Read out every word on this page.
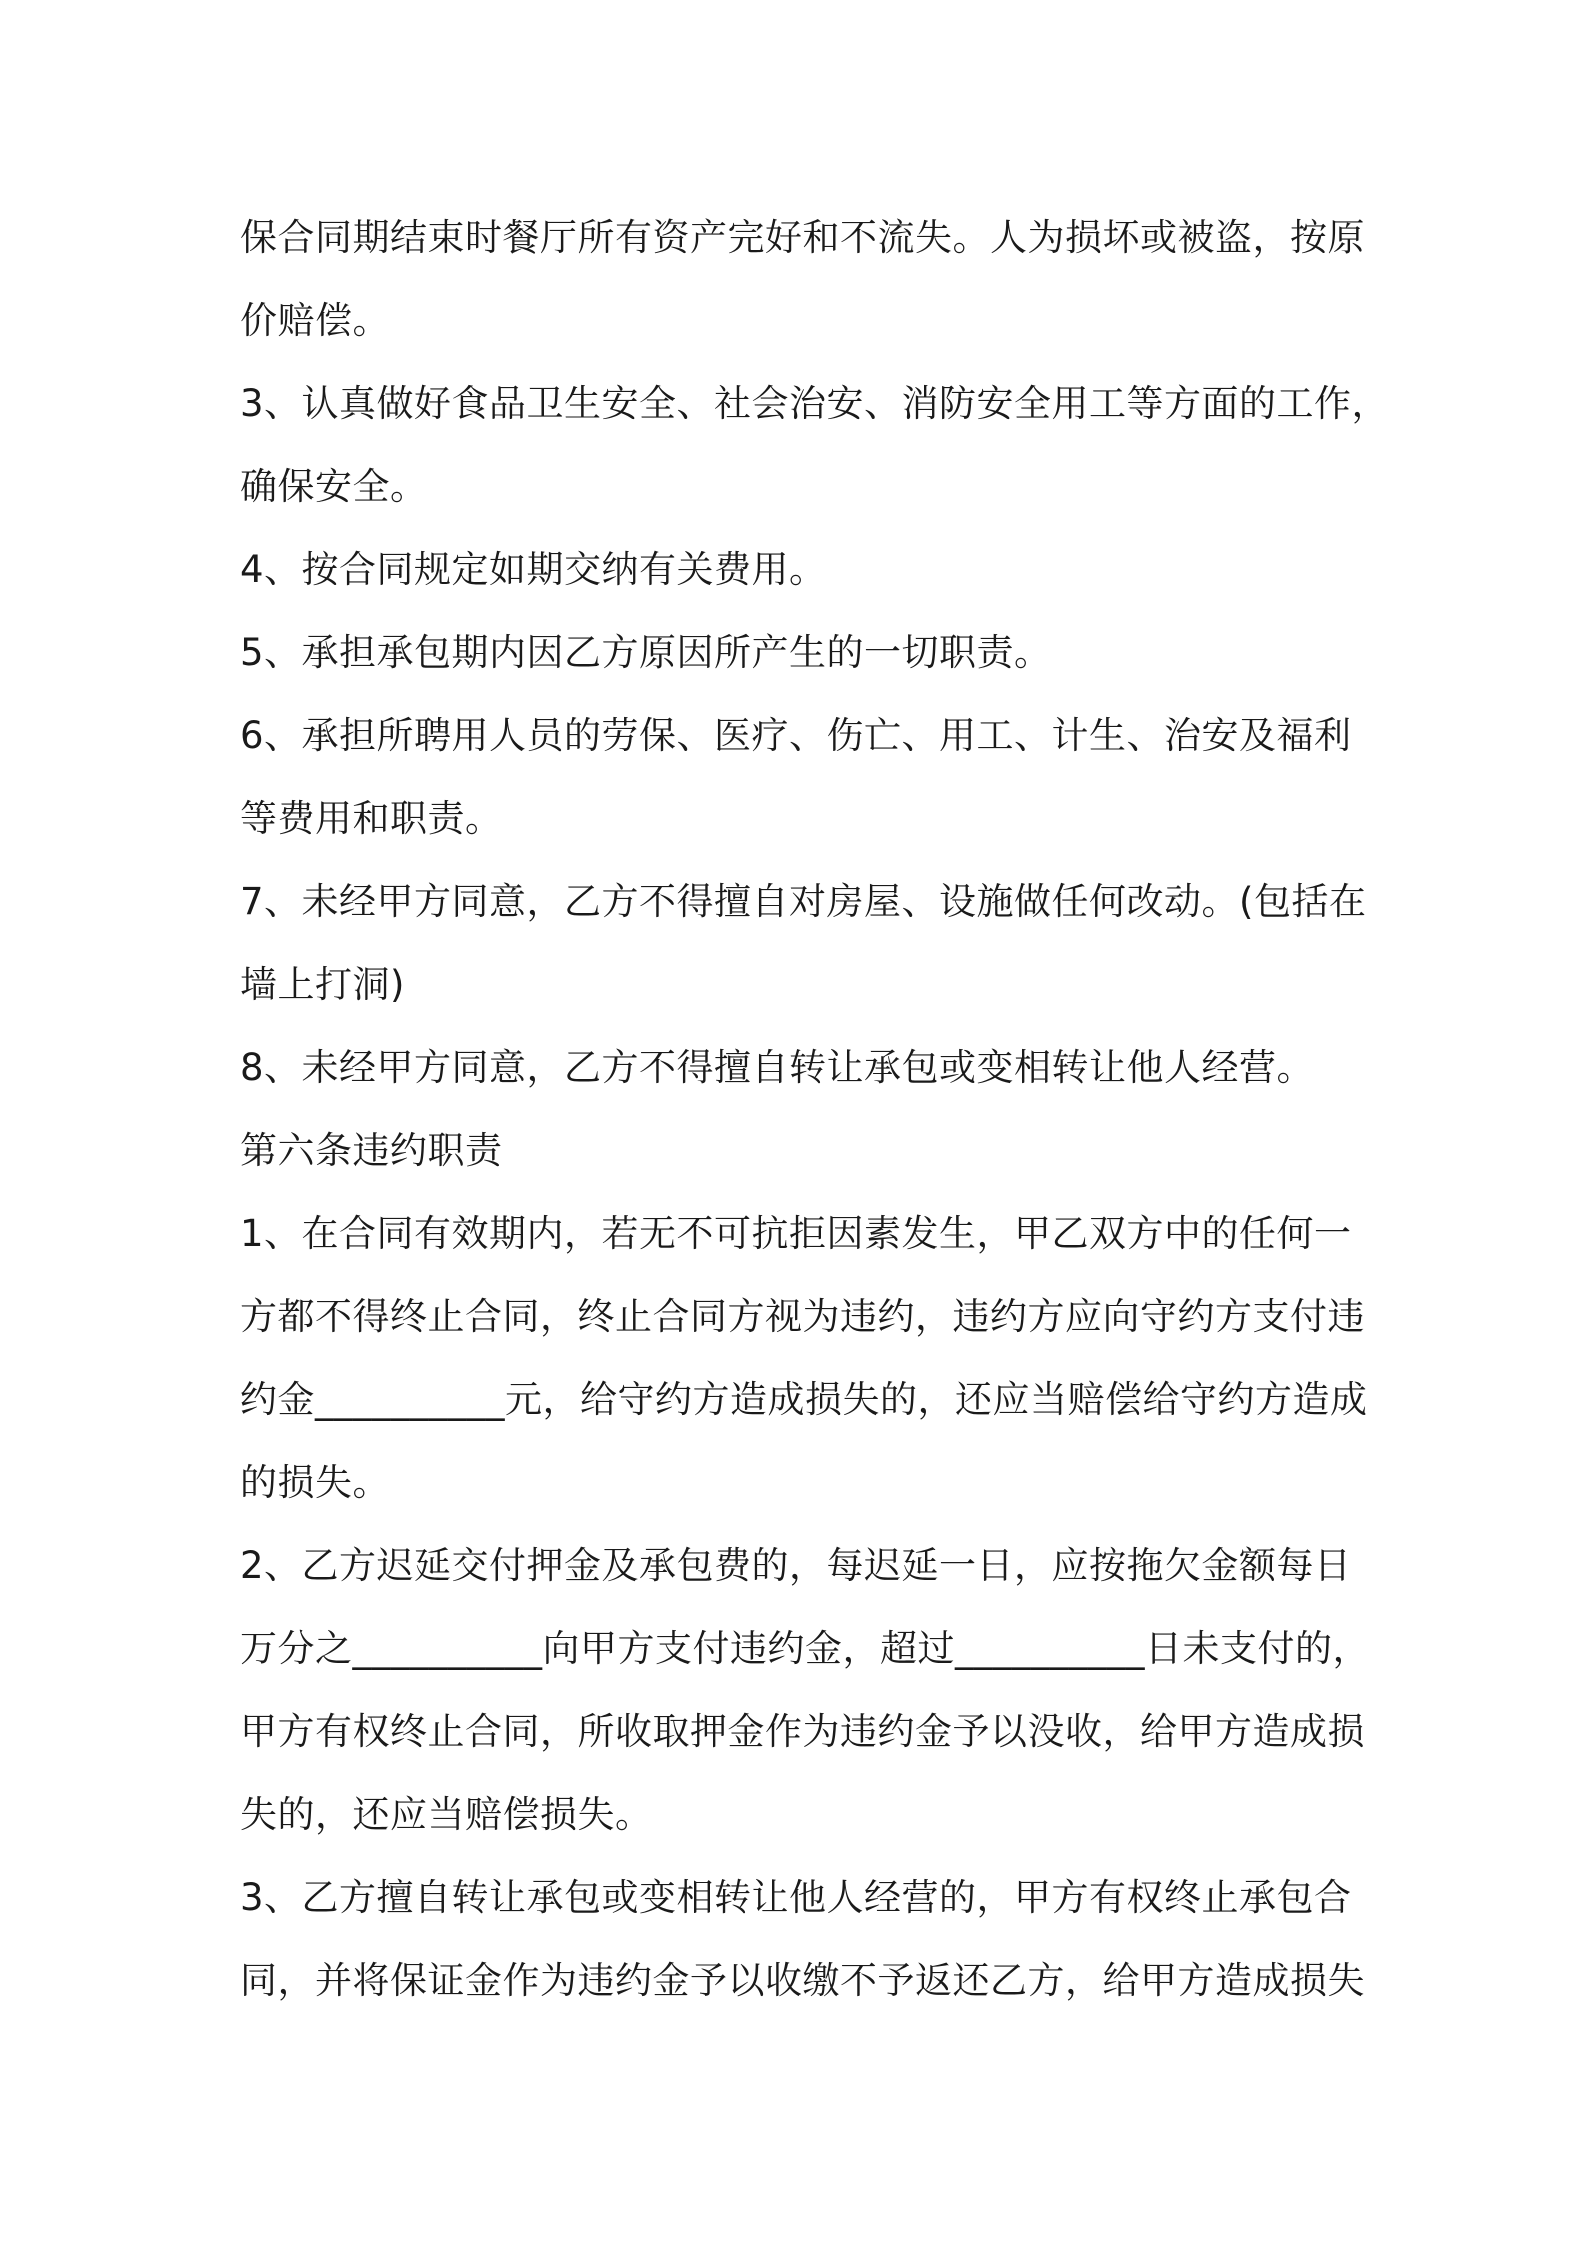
保合同期结束时餐厅所有资产完好和不流失。人为损坏或被盗，按原
价赔偿。
3、认真做好食品卫生安全、社会治安、消防安全用工等方面的工作，
确保安全。
4、按合同规定如期交纳有关费用。
5、承担承包期内因乙方原因所产生的一切职责。
6、承担所聘用人员的劳保、医疗、伤亡、用工、计生、治安及福利
等费用和职责。
7、未经甲方同意，乙方不得擅自对房屋、设施做任何改动。(包括在
墙上打洞)
8、未经甲方同意，乙方不得擅自转让承包或变相转让他人经营。
第六条违约职责
1、在合同有效期内，若无不可抗拒因素发生，甲乙双方中的任何一
方都不得终止合同，终止合同方视为违约，违约方应向守约方支付违
约金__________元，给守约方造成损失的，还应当赔偿给守约方造成
的损失。
2、乙方迟延交付押金及承包费的，每迟延一日，应按拖欠金额每日
万分之__________向甲方支付违约金，超过__________日未支付的，
甲方有权终止合同，所收取押金作为违约金予以没收，给甲方造成损
失的，还应当赔偿损失。
3、乙方擅自转让承包或变相转让他人经营的，甲方有权终止承包合
同，并将保证金作为违约金予以收缴不予返还乙方，给甲方造成损失
